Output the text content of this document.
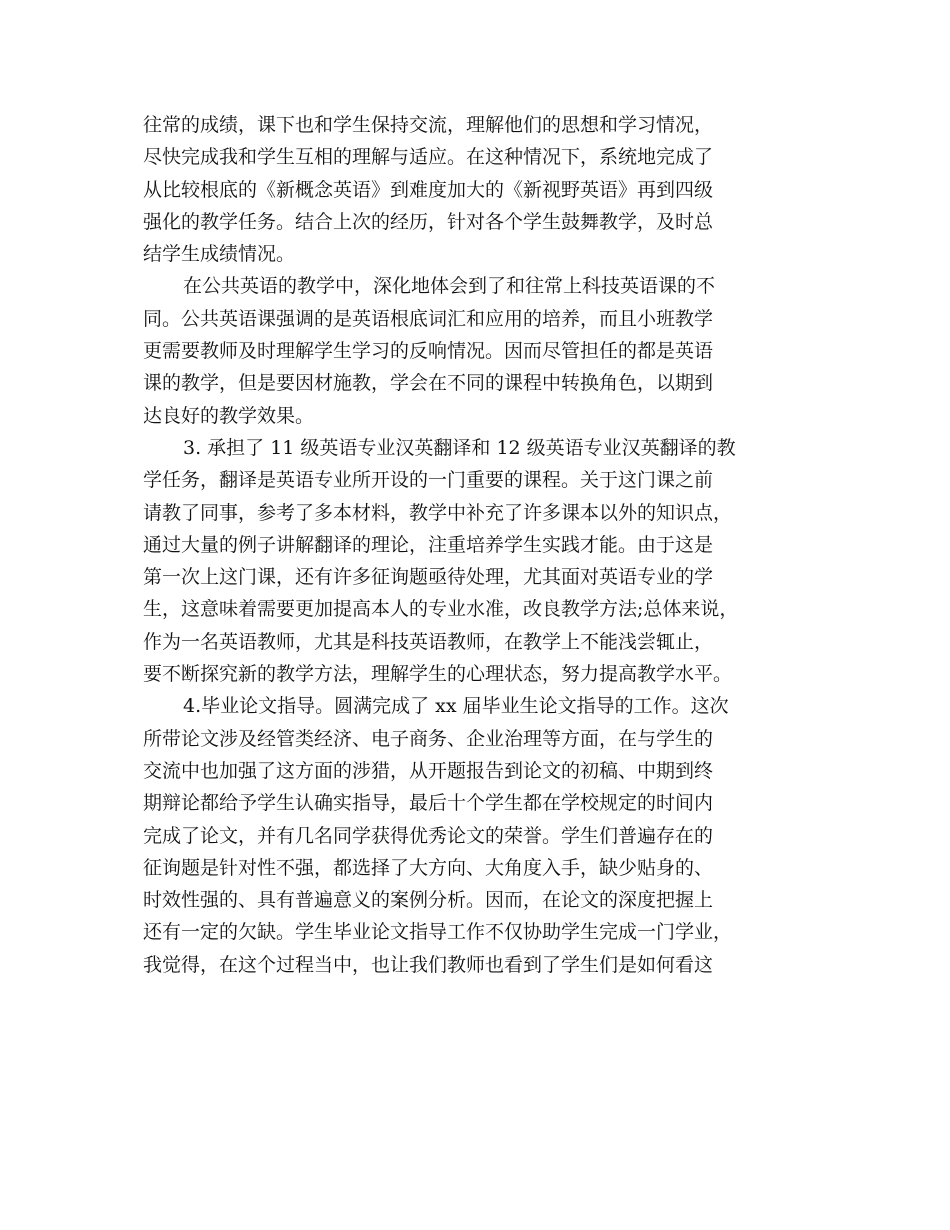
往常的成绩，课下也和学生保持交流，理解他们的思想和学习情况，
尽快完成我和学生互相的理解与适应。在这种情况下，系统地完成了
从比较根底的《新概念英语》到难度加大的《新视野英语》再到四级
强化的教学任务。结合上次的经历，针对各个学生鼓舞教学，及时总
结学生成绩情况。
在公共英语的教学中，深化地体会到了和往常上科技英语课的不
同。公共英语课强调的是英语根底词汇和应用的培养，而且小班教学
更需要教师及时理解学生学习的反响情况。因而尽管担任的都是英语
课的教学，但是要因材施教，学会在不同的课程中转换角色，以期到
达良好的教学效果。
3. 承担了 11 级英语专业汉英翻译和 12 级英语专业汉英翻译的教
学任务，翻译是英语专业所开设的一门重要的课程。关于这门课之前
请教了同事，参考了多本材料，教学中补充了许多课本以外的知识点，
通过大量的例子讲解翻译的理论，注重培养学生实践才能。由于这是
第一次上这门课，还有许多征询题亟待处理，尤其面对英语专业的学
生，这意味着需要更加提高本人的专业水准，改良教学方法;总体来说，
作为一名英语教师，尤其是科技英语教师，在教学上不能浅尝辄止，
要不断探究新的教学方法，理解学生的心理状态，努力提高教学水平。
4.毕业论文指导。圆满完成了 xx 届毕业生论文指导的工作。这次
所带论文涉及经管类经济、电子商务、企业治理等方面，在与学生的
交流中也加强了这方面的涉猎，从开题报告到论文的初稿、中期到终
期辩论都给予学生认确实指导，最后十个学生都在学校规定的时间内
完成了论文，并有几名同学获得优秀论文的荣誉。学生们普遍存在的
征询题是针对性不强，都选择了大方向、大角度入手，缺少贴身的、
时效性强的、具有普遍意义的案例分析。因而，在论文的深度把握上
还有一定的欠缺。学生毕业论文指导工作不仅协助学生完成一门学业，
我觉得，在这个过程当中，也让我们教师也看到了学生们是如何看这
